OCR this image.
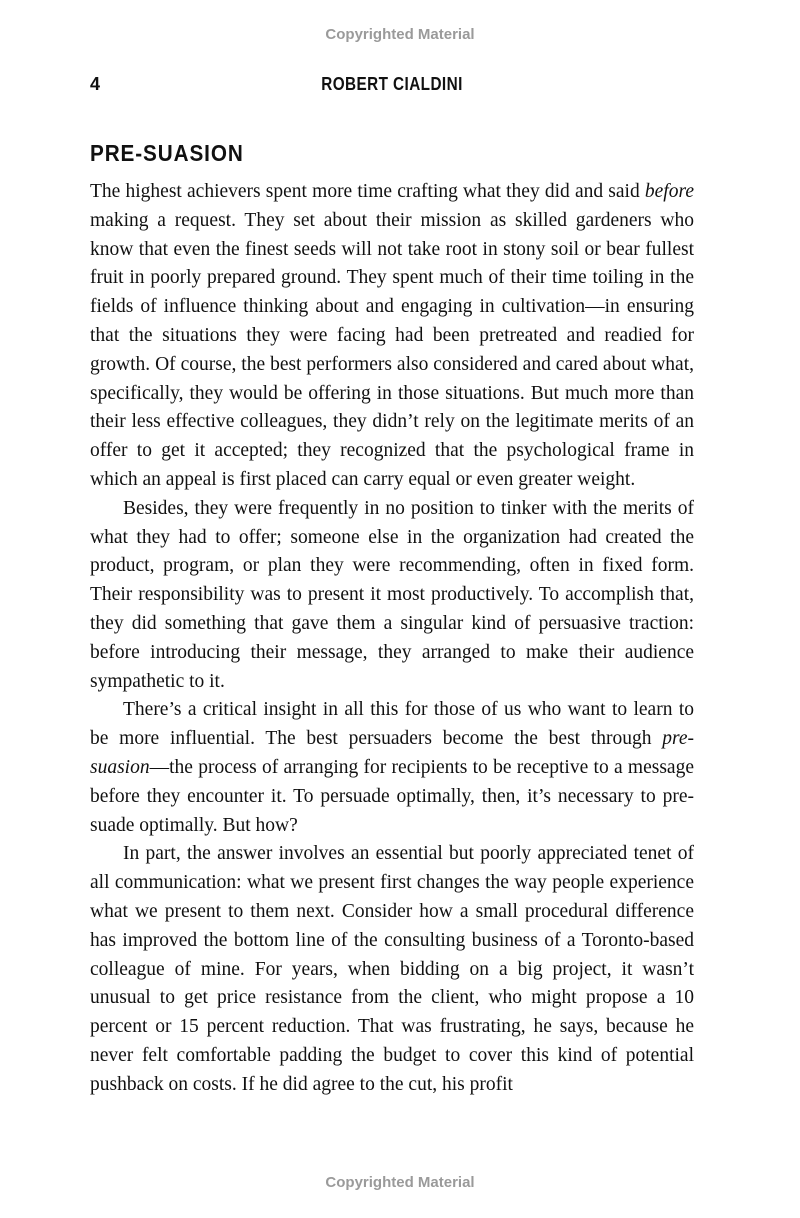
Copyrighted Material
4	ROBERT CIALDINI
PRE-SUASION

The highest achievers spent more time crafting what they did and said before making a request. They set about their mission as skilled gardeners who know that even the finest seeds will not take root in stony soil or bear fullest fruit in poorly prepared ground. They spent much of their time toiling in the fields of influence thinking about and engaging in cultivation—in ensuring that the situations they were facing had been pretreated and readied for growth. Of course, the best performers also considered and cared about what, specifically, they would be offering in those situations. But much more than their less effective colleagues, they didn’t rely on the legitimate merits of an offer to get it accepted; they recognized that the psychological frame in which an appeal is first placed can carry equal or even greater weight.

Besides, they were frequently in no position to tinker with the merits of what they had to offer; someone else in the organization had created the product, program, or plan they were recommending, often in fixed form. Their responsibility was to present it most productively. To accomplish that, they did something that gave them a singular kind of persuasive traction: before introducing their message, they arranged to make their audience sympathetic to it.

There’s a critical insight in all this for those of us who want to learn to be more influential. The best persuaders become the best through pre-suasion—the process of arranging for recipients to be receptive to a message before they encounter it. To persuade optimally, then, it’s necessary to pre-suade optimally. But how?

In part, the answer involves an essential but poorly appreciated tenet of all communication: what we present first changes the way people experience what we present to them next. Consider how a small procedural difference has improved the bottom line of the consulting business of a Toronto-based colleague of mine. For years, when bidding on a big project, it wasn’t unusual to get price resistance from the client, who might propose a 10 percent or 15 percent reduction. That was frustrating, he says, because he never felt comfortable padding the budget to cover this kind of potential pushback on costs. If he did agree to the cut, his profit

Copyrighted Material
